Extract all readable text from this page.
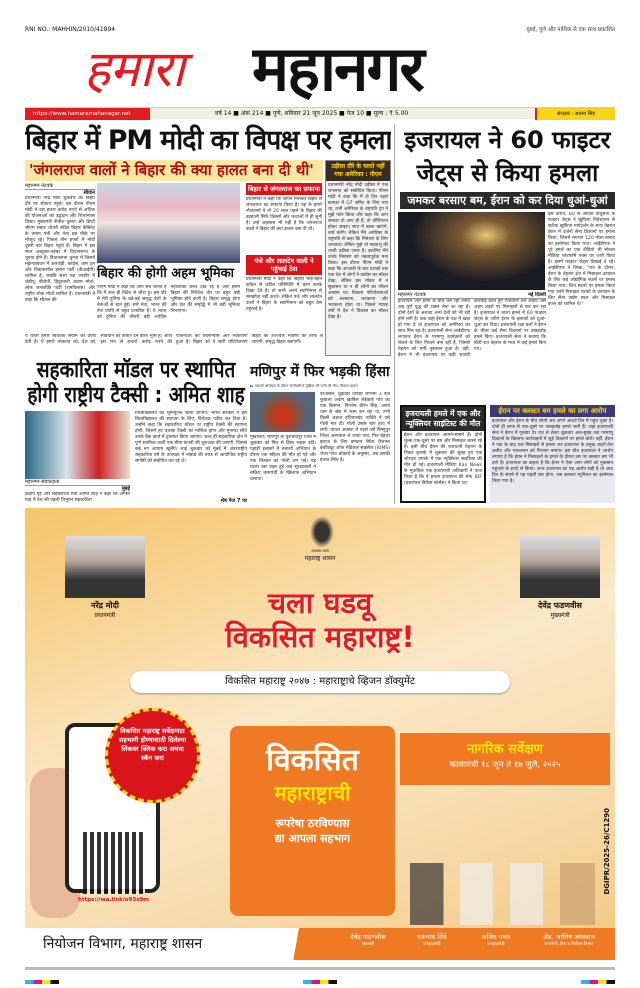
RNI NO.: MAHHIN/2010/41894	मुंबई, पुणे और नाशिक से एक साथ प्रकाशित
हमारा	महानगर
https://www.hamaramahanagar.net	वर्ष 14 ■ अंक 214 ■ पुणे, शनिवार 21 जून 2025 ■ पेज 10 ■ मूल्य : ₹ 5.00	संरक्षक : आलय सिंह
बिहार में PM मोदी का विपक्ष पर हमला
'जंगलराज वालों ने बिहार की क्या हालत बना दी थी'
महानगर नेटवर्क
सीवान
प्रधानमंत्री नरेंद्र मोदी शुक्रवार को बिहार दौरे पर सीवान पहुंचे। इस दौरान पीएम मोदी ने दस हजार करोड़ रुपये से अधिक की योजनाओं का उद्घाटन और शिलान्यास किया। मुख्यमंत्री नीतीश कुमार और डिप्टी सीएम सम्राट चौधरी सहित बिहार कैबिनेट के तमाम मंत्री और नेता इस मौके पर मौजूद रहे। पिछले तीन हफ्तों में मोदी दूसरी बार बिहार पहुंचे हैं। बिहार में इस साल अक्टूबर-नवंबर में विधानसभा के चुनाव होने हैं। विधानसभा चुनाव में जिसमें महागठबंधन में आरजेडी, कांग्रेस, वाम दल और विकासशील इंसान पार्टी (वीआईपी) शामिल हैं, जबकि सत्ता पक्ष एनडीए में जेडीयू, बीजेपी, हिंदुस्तानी अवाम मोर्चा, लोक जनशक्ति पार्टी (रामविलास) और राष्ट्रीय लोक मोर्चा शामिल हैं। प्रधानमंत्री ने कहा कि सीवान की
बिहार की होगी अहम भूमिका
पीएम मोदी ने कहा कि आप सब जानते हैं कि मैं कल ही विदेश से लौटा हूं। इस दौरे में मेरी दुनिया के बड़े-बड़े समृद्ध देशों के नेताओं से बात हुई। सारे नेता, भारत की तेज प्रगति से बहुत प्रभावित हैं। ये भारत को दुनिया की तीसरी बड़ी आर्थिक महाशक्ति बनते देख रहे हैं और इसमें बिहार की निश्चित तौर पर बहुत बड़ी भूमिका होने वाली है। बिहार समृद्ध होगा और देश की समृद्धि में भी बड़ी भूमिका निभाएगा।
ये धरती हमारे स्वतंत्रता संग्राम को प्रेरणा देती है। ये हमारे लोकतंत्र को, देश को, संविधान को ताकत देने वाली भूमि है। आज इस मंच से हजारों करोड़ रुपये की योजनाओं का शिलान्यास और लोकार्पण हुआ है। बिहार को ये सारी परियोजनाएं बिहार को उज्ज्वल भविष्य की तरफ ले जाएंगी, समृद्ध बिहार बनाएंगी।
बिहार से जंगलराज का सफाया
प्रधानमंत्री ने कहा कि आपने मिलकर बिहार से जंगलराज का सफाया किया है। वह के हमारे नौजवानों ने तो 20 साल पहले के बिहार की बदहाली सिर्फ किस्सों और कथाओं में ही सुनी है। उन्हें अहसास भी नहीं है कि जंगलराज वालों ने बिहार की क्या हालत बना दी थी।
पंजे और लालटेन वाली ने पहुंचाई ठेस
प्रधानमंत्री मोदी ने कहा कि बिहारी भाई-बहन कठिन से कठिन परिस्थिति में काम करके दिखा देते हैं। तो सभी अपने स्वाभिमान से समझौता नहीं करते। लेकिन पंजे और लालटेन वालों ने बिहार के स्वाभिमान को बहुत ठेस पहुंचाई है।
उड़ीसा दौरे के चलते नहीं गया अमेरिका : पीएम
प्रधानमंत्री नरेंद्र मोदी उड़ीसा में एक जनसभा को संबोधित किया। पीएम मोदी ने कहा कि मैं दो दिन पहले कनाडा में G7 समिट के लिए गया था, तभी अमेरिका के राष्ट्रपति ट्रंप ने मुझे फोन किया और कहा कि आप कनाडा तो आए ही हैं, तो वॉशिंगटन होकर जाइए। साथ में खाना खाएंगे, बातें करेंगे। लेकिन मैंने अमेरिका के राष्ट्रपति से कहा कि निमंत्रण के लिए धन्यवाद। लेकिन मुझे तो महाप्रभु की धरती उड़ीसा जाना है। इसलिए मैंने उनके निमंत्रण को नम्रतापूर्वक मना किया। इस दौरान पीएम मोदी ने कहा कि आजादी के बाद दशकों तक एक देश में लोगों ने कांग्रेस का मॉडल देखा, लेकिन इस मॉडल में न सुशासन था न ही लोगों का जीवन आसान था। विकास परियोजनाओं को अटकाना, लटकाना और भटकाना होता था। पिछले ग्यारह वर्षों में देश ने विकास का मॉडल देखा है।
इजरायल ने 60 फाइटर जेट्स से किया हमला
जमकर बरसाए बम, ईरान को कर दिया धुआं-धुआं
इस दौरान, 60 से अधिक वायुसेना के फाइटर जेट्स ने खुफिया निदेशालय से सटीक खुफिया मार्गदर्शन के साथ तेहरान ईरान में दर्जनों सैन्य ठिकानों पर हमला किया, जिसमें लगभग 120 गोला-बारूद का इस्तेमाल किया गया। आईडीएफ ने पूरे हमले का एक वीडियो भी सोशल मीडिया प्लेटफॉर्म एक्स पर जारी किया है। इसमें फाइटर जेट्स दिखाई दे रहे। आईडीएफ ने लिखा, "रात के दौरान, ईरान के तेहरान क्षेत्र में मिसाइल उत्पादन के लिए कई औद्योगिक स्थलों पर हमला किया गया। जिन स्थलों पर हमला किया गया उनमें मिसाइल घटकों के उत्पादन के लिए सैन्य उद्योग स्थल और मिसाइल इंजन को शामिल थे।"
महानगर नेटवर्क	नई दिल्ली
इजरायल और ईरान के बीच चल रहा तनाव अब पूर्ण युद्ध की शक्ल लेता जा रहा है। दोनों देशों के अलावा अन्य देशों को भी रही होने लगी है। कब जहां ईरान के पक्ष में खड़ा हो गया है तो इजरायल को अमेरिका का साथ मिल रहा है। इजरायली सेना आईडीएफ लगातार ईरान के परमाणु कार्यक्रमों को रोकने के लिए निशाने बना रही है, जिससे तेहरान को भारी नुकसान हुआ है। वहीं, ईरान ने भी इजरायल पर कड़ी जवाबी कार्रवाई करते हुए राजधानी तेल अवीव जैसे अहम शहरों पर मिसाइलों से वार कर रहा है। इजरायल ने ताजा हमले में 60 फाइटर जेट्स के जरिए ईरान के इलाकों को धुआं-धुआं कर दिया। इजरायली रक्षा बलों ने ईरान के भीतर कई सैन्य ठिकानों पर ताबड़तोड़ हमले किए। इजरायली सेना ने बताया कि बीती रात तेहरान के मध्य में कई हमले किए गए।
इजरायली हमले में एक और न्यूक्लियर साइंटिस्ट की मौत
ईरान और इजरायल आमने-सामने हैं। दोनों मुल्क एक-दूसरे पर बम और मिसाइल बरसा रहे हैं। इसी बीच ईरान की राजधानी तेहरान के निकट इलाके में शुक्रवार की सुबह हुए एक जोरदार धमाके में एक न्यूक्लियर साइंटिस्ट की मौत हो गई। इजरायली मीडिया Kan News के मुताबिक एक इजरायली अधिकारी ने दावा किया है कि ये हमला इजरायल की सेना IDF (इजरायल डिफेंस फोर्सेस) ने किया था।
ईरान पर क्लस्टर बम हमले का लगा आरोप
इजरायल और ईरान के बीच संघर्ष अब अपने आठवें दिन में पहुंच चुका है। दोनों ही तरफ से एक-दूसरे पर ताबड़तोड़ हमले जारी हैं। जहां इजरायली सेना ने ईरान में गुरुवार देर रात से लेकर शुक्रवार अल-सुबह तक परमाणु ठिकानों के खिलाफ कार्रवाइयों में जुड़े ठिकानों पर हमले बोले। वहीं, ईरान ने एक के बाद एक मिसाइलें से हमला कर इजरायल के प्रमुख शहरों-तेल अवीव और यरूशलम को निशाना बनाया। इस बीच इजरायल ने आरोप लगाया है कि ईरान ने मिसाइलों के हमले के दौरान उस पर क्लस्टर बम भी दागे हैं। इजरायल का कहना है कि ईरान ने ऐसा आम लोगों को नुकसान पहुंचाने के इरादे से किया। अगर इजरायल का यह आरोप सही है तो आठ दिन के संघर्ष में यह पहली बार होगा, जब क्लस्टर म्यूनिशन का इस्तेमाल किया गया है।
सहकारिता मॉडल पर स्थापित होगी राष्ट्रीय टैक्सी : अमित शाह
महानगर संवाददाता
मुंबई
केंद्रीय गृह और सहकारिता मंत्री अमित शाह ने कहा कि अगस्त माह में देश की पहली त्रिभुवन सहकारिता
विश्वविद्यालय का भूमिपूजन किया जाएगा। भारत सरकार ने इस विश्वविद्यालय की स्थापना के लिए, विधेयक पारित कर दिया है। उन्होंने कहा कि सहकारिता मॉडल पर राष्ट्रीय टैक्सी की स्थापना होगी, जिसमें हर चालक टैक्सी का मालिक होगा और मुनाफा सीधे उनके बैंक खाते में ट्रांसफर किया जाएगा। जल्द ही सहकारिता क्षेत्र में पूर्ण स्वामित्व वाली एक बीमा कंपनी की शुरुआत की जाएगी, जिससे कई नए आयाम खुलेंगे। शाह शुक्रवार को मुंबई में अंतरराष्ट्रीय सहकारिता वर्ष के उपलक्ष्य में नाबार्ड की तरफ से आयोजित राष्ट्रीय संगोष्ठी को संबोधित कर रहे थे।
शेष पेज 7 पर
मणिपुर में फिर भड़की हिंसा
▸▸ तलाशी अभियान के दौरान गोलीबारी में मुखिया की पत्नी की मौत, किसान घायल
मुखासरी। मणिपुर के चुराचांदपुर जिले में शुक्रवार को फिर से हिंसा भड़क उठी। पहाड़ी इलाकों में तलाशी अभियान के दौरान एक महिला की मौत हो गई और एक किसान को गोली लग गई। यह घटना उस वक्त हुई जब सुरक्षाबलों ने सक्रिय चरमपंथी के खिलाफ अभियान चलाया।
दरअसल, शुक्रवार दोपहर लगभग 3 बजे फुबाला अवांग खाबिल लेईकाई गांव का एक किसान, निंगथेम बीरेन सिंह, अपने धान के खेत में काम कर रहा था, तभी किसी अज्ञात हथियारबंद व्यक्ति ने उसे गोली मार दी। गोली उसके बाएं हाथ में लगी। घायल अवस्था में पहले उसे बिष्णुपुर जिला अस्पताल ले जाया गया, फिर बेहतर इलाज के लिए इम्फाल स्थित रीजनल इंस्टीट्यूट ऑफ मेडिकल साइंसेज (RIMS) भेजा गया। डॉक्टरों के अनुसार, अब उसकी हालत स्थिर है।
सत्यमेव जयते
महाराष्ट्र शासन
नरेंद्र मोदी
प्रधानमंत्री
देवेंद्र फडणवीस
मुख्यमंत्री
चला घडवू
विकसित महाराष्ट्र!
विकसित महाराष्ट्र २०४७ : महाराष्ट्राचे व्हिजन डॉक्युमेंट
https://wa.link/o93s9m
विकसित महाराष्ट्र सर्वेक्षणात सहभागी होण्यासाठी दिलेल्या लिंकवर क्लिक करा अथवा स्कॅन करा	विकसित
महाराष्ट्राची
रूपरेषा ठरविण्यास
द्या आपला सहभाग
नागरिक सर्वेक्षण
कालावधी १८ जून ते १७ जुलै, २०२५
DGIPR/2025-26/C1290
नियोजन विभाग, महाराष्ट्र शासन	देवेंद्र फडणवीस
मुख्यमंत्री
एकनाथ शिंदे
उपमुख्यमंत्री
अजित पवार
उपमुख्यमंत्री
ॲड. आशिष जयस्वाल
राज्यमंत्री, वित्त व नियोजन विभाग
